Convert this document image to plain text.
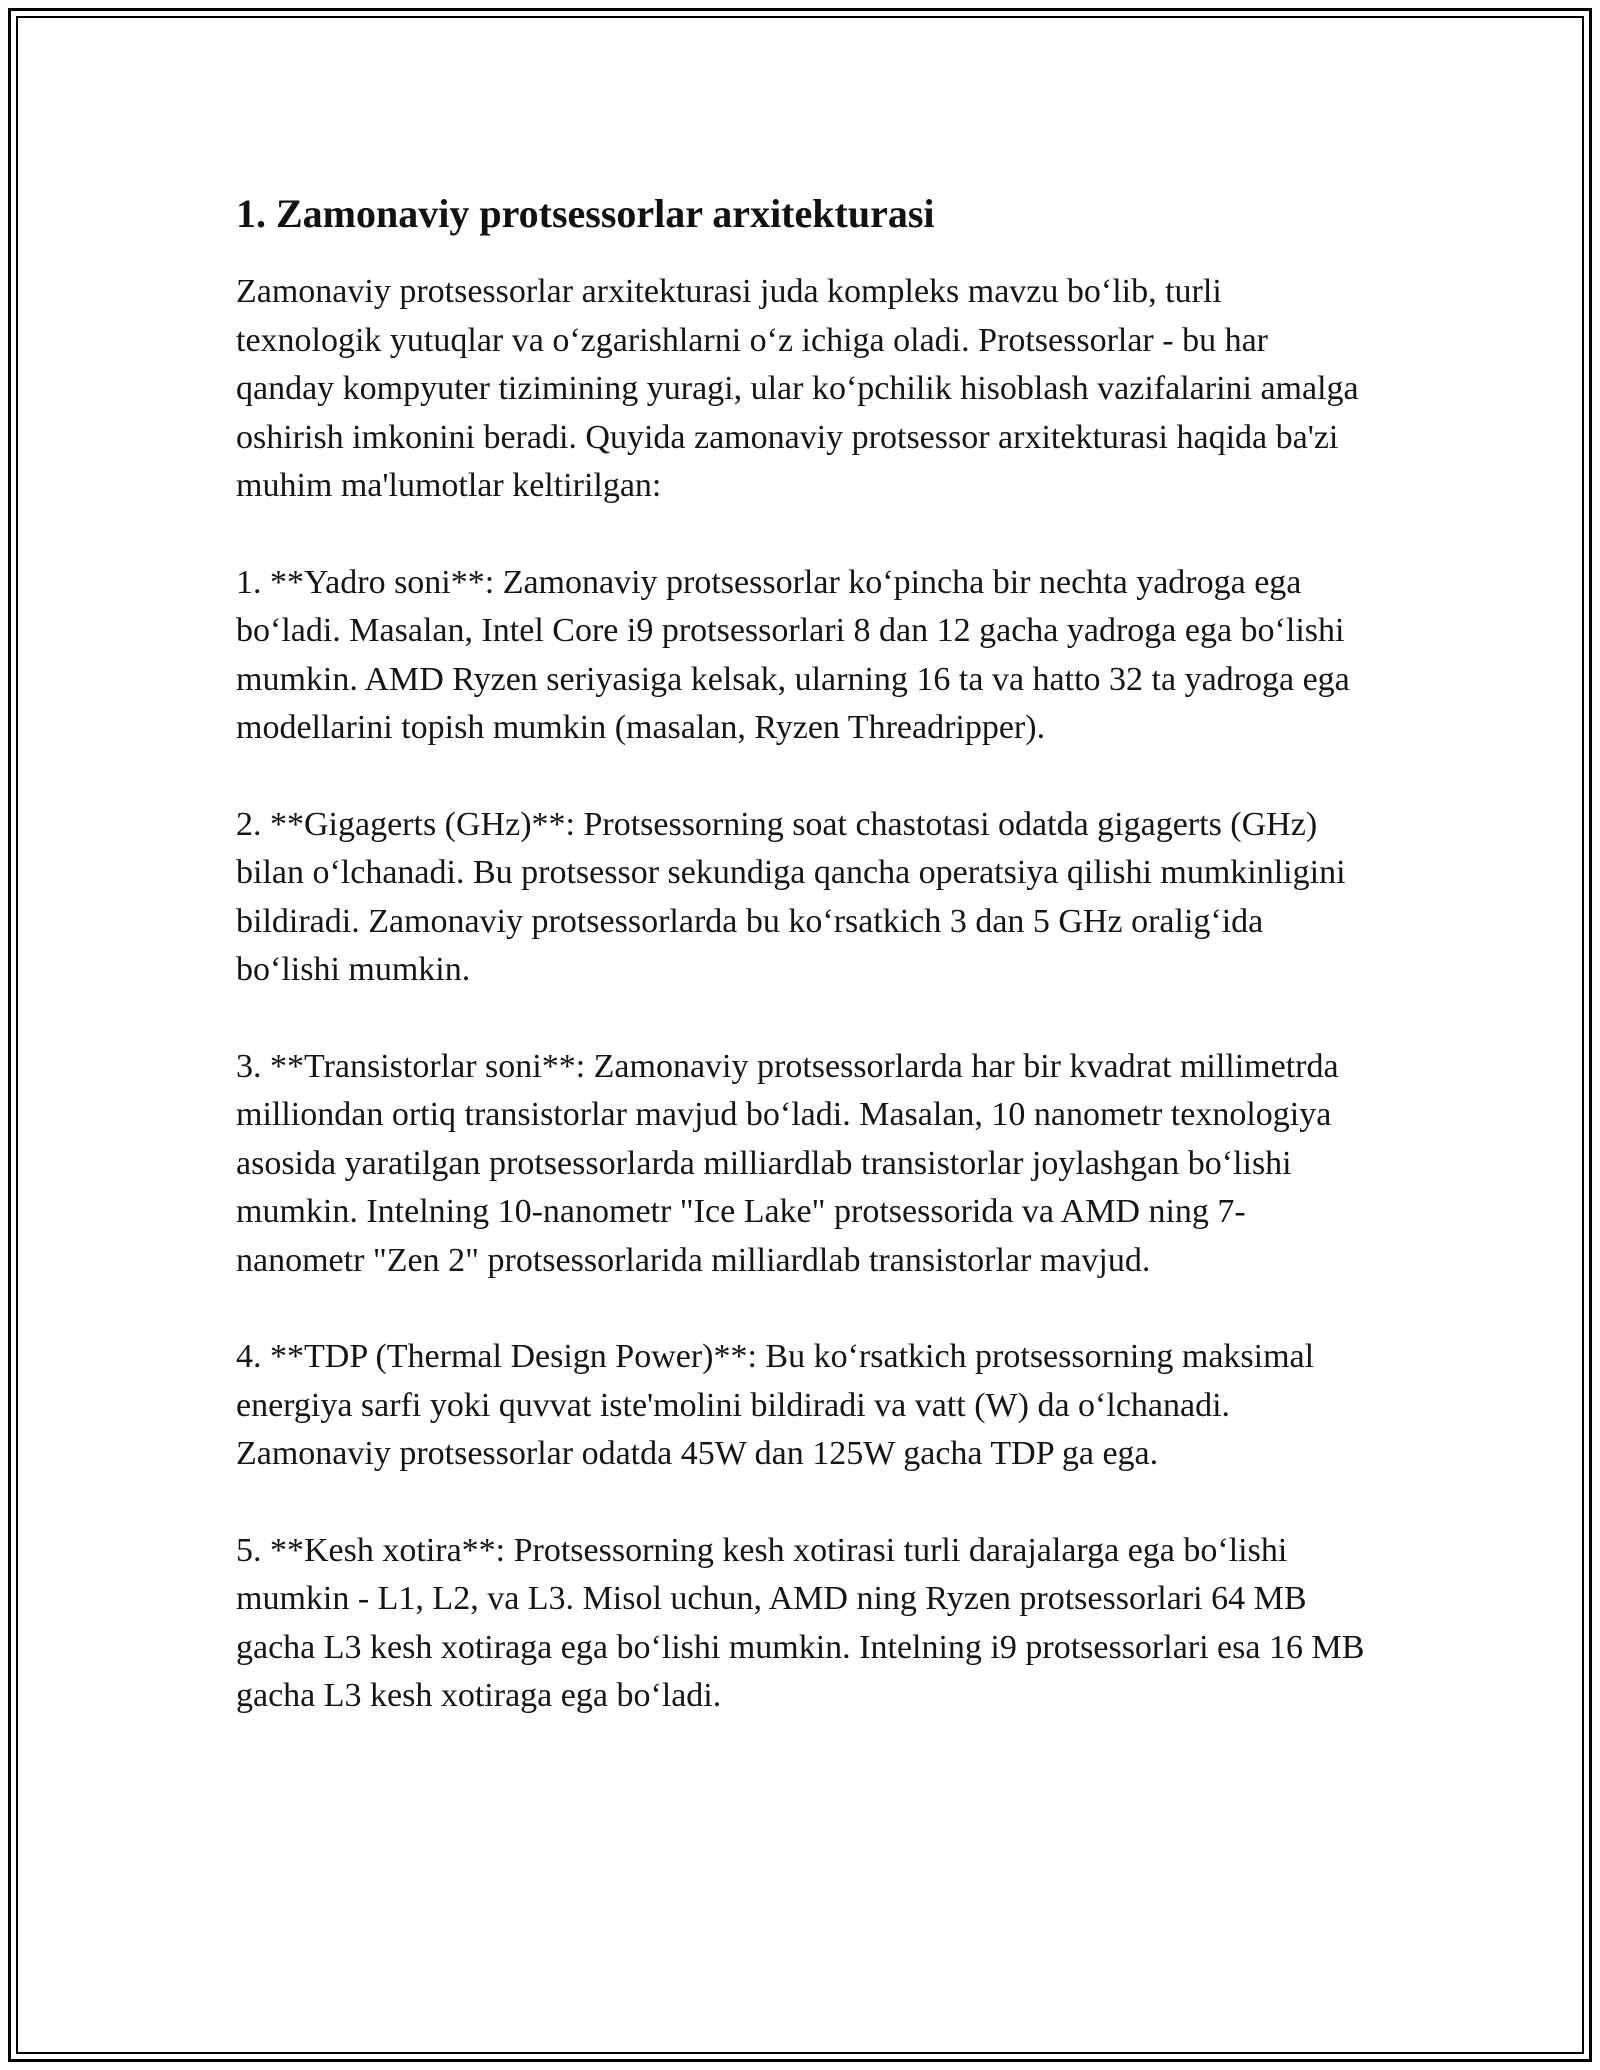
1. Zamonaviy protsessorlar arxitekturasi

Zamonaviy protsessorlar arxitekturasi juda kompleks mavzu boʻlib, turli texnologik yutuqlar va oʻzgarishlarni oʻz ichiga oladi. Protsessorlar - bu har qanday kompyuter tizimining yuragi, ular koʻpchilik hisoblash vazifalarini amalga oshirish imkonini beradi. Quyida zamonaviy protsessor arxitekturasi haqida ba'zi muhim ma'lumotlar keltirilgan:

1. **Yadro soni**: Zamonaviy protsessorlar koʻpincha bir nechta yadroga ega boʻladi. Masalan, Intel Core i9 protsessorlari 8 dan 12 gacha yadroga ega boʻlishi mumkin. AMD Ryzen seriyasiga kelsak, ularning 16 ta va hatto 32 ta yadroga ega modellarini topish mumkin (masalan, Ryzen Threadripper).

2. **Gigagerts (GHz)**: Protsessorning soat chastotasi odatda gigagerts (GHz) bilan oʻlchanadi. Bu protsessor sekundiga qancha operatsiya qilishi mumkinligini bildiradi. Zamonaviy protsessorlarda bu koʻrsatkich 3 dan 5 GHz oraligʻida boʻlishi mumkin.

3. **Transistorlar soni**: Zamonaviy protsessorlarda har bir kvadrat millimetrda milliondan ortiq transistorlar mavjud boʻladi. Masalan, 10 nanometr texnologiya asosida yaratilgan protsessorlarda milliardlab transistorlar joylashgan boʻlishi mumkin. Intelning 10-nanometr "Ice Lake" protsessorida va AMD ning 7-nanometr "Zen 2" protsessorlarida milliardlab transistorlar mavjud.

4. **TDP (Thermal Design Power)**: Bu koʻrsatkich protsessorning maksimal energiya sarfi yoki quvvat iste'molini bildiradi va vatt (W) da oʻlchanadi. Zamonaviy protsessorlar odatda 45W dan 125W gacha TDP ga ega.

5. **Kesh xotira**: Protsessorning kesh xotirasi turli darajalarga ega boʻlishi mumkin - L1, L2, va L3. Misol uchun, AMD ning Ryzen protsessorlari 64 MB gacha L3 kesh xotiraga ega boʻlishi mumkin. Intelning i9 protsessorlari esa 16 MB gacha L3 kesh xotiraga ega boʻladi.
